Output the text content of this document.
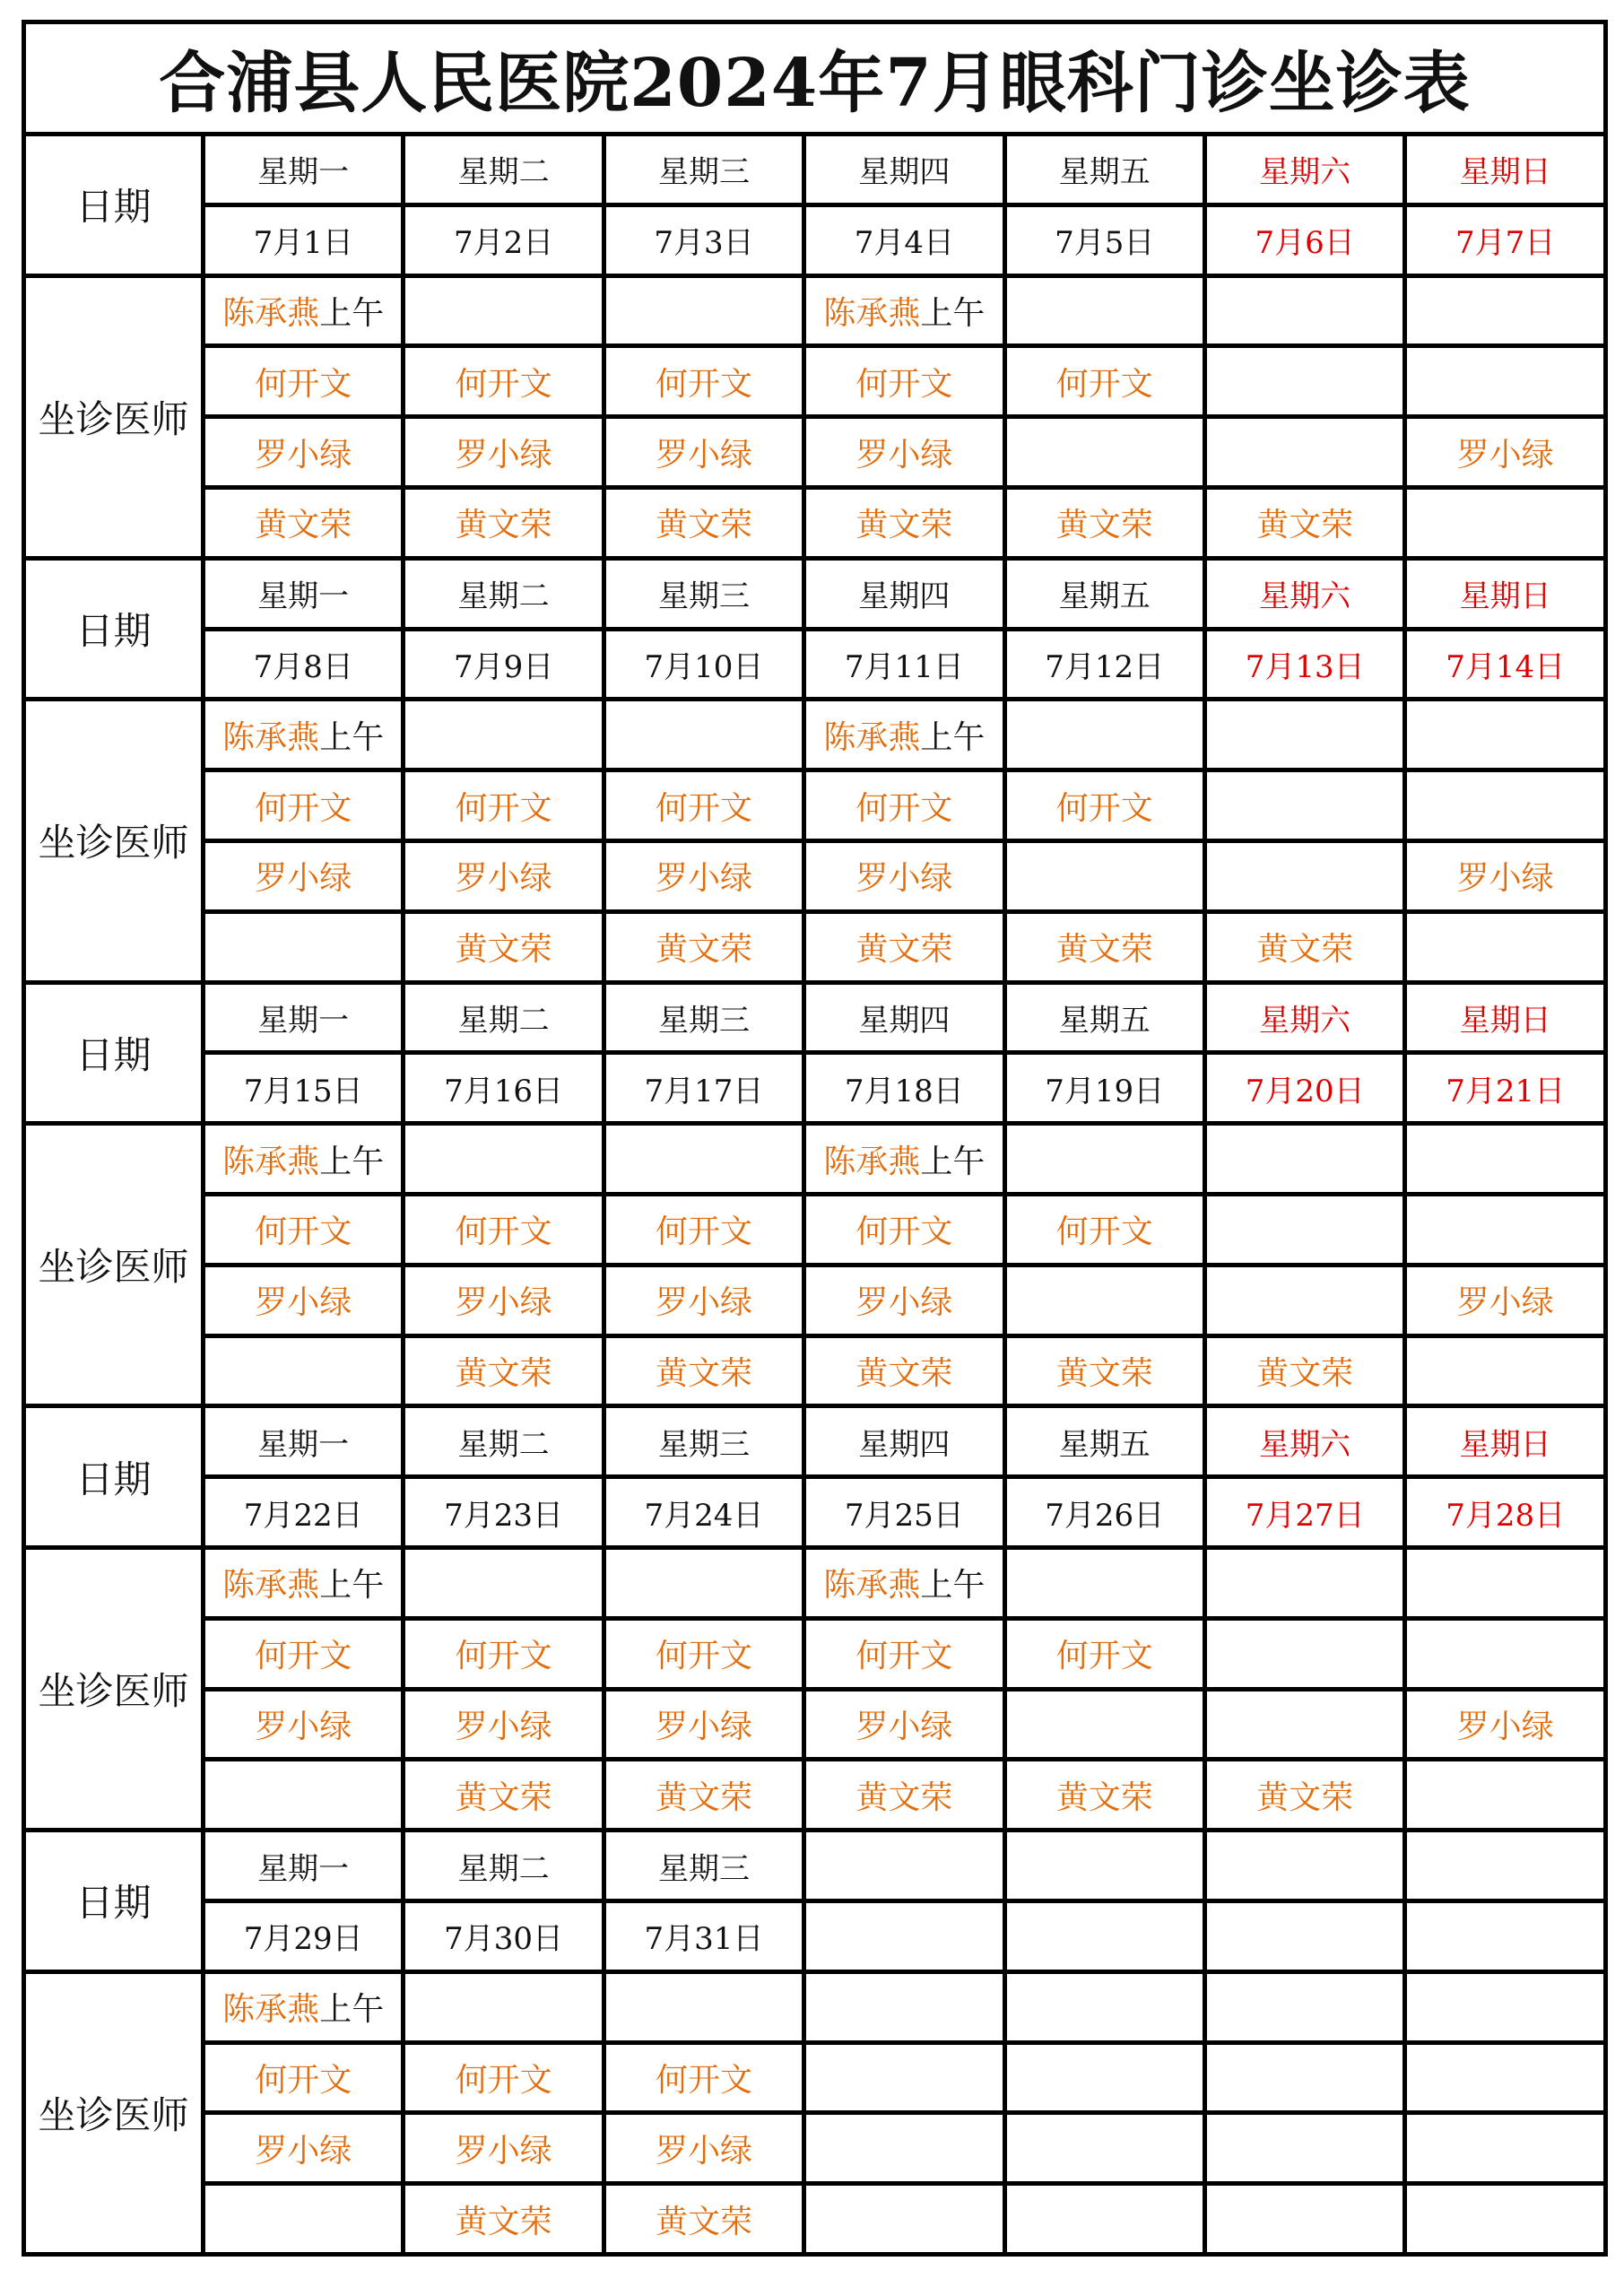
合浦县人民医院2024年7月眼科门诊坐诊表							
日期	星期一	星期二	星期三	星期四	星期五	星期六	星期日
	7月1日	7月2日	7月3日	7月4日	7月5日	7月6日	7月7日
坐诊医师	陈承燕上午			陈承燕上午			
	何开文	何开文	何开文	何开文	何开文		
	罗小绿	罗小绿	罗小绿	罗小绿			罗小绿
	黄文荣	黄文荣	黄文荣	黄文荣	黄文荣	黄文荣	
日期	星期一	星期二	星期三	星期四	星期五	星期六	星期日
	7月8日	7月9日	7月10日	7月11日	7月12日	7月13日	7月14日
坐诊医师	陈承燕上午			陈承燕上午			
	何开文	何开文	何开文	何开文	何开文		
	罗小绿	罗小绿	罗小绿	罗小绿			罗小绿
		黄文荣	黄文荣	黄文荣	黄文荣	黄文荣	
日期	星期一	星期二	星期三	星期四	星期五	星期六	星期日
	7月15日	7月16日	7月17日	7月18日	7月19日	7月20日	7月21日
坐诊医师	陈承燕上午			陈承燕上午			
	何开文	何开文	何开文	何开文	何开文		
	罗小绿	罗小绿	罗小绿	罗小绿			罗小绿
		黄文荣	黄文荣	黄文荣	黄文荣	黄文荣	
日期	星期一	星期二	星期三	星期四	星期五	星期六	星期日
	7月22日	7月23日	7月24日	7月25日	7月26日	7月27日	7月28日
坐诊医师	陈承燕上午			陈承燕上午			
	何开文	何开文	何开文	何开文	何开文		
	罗小绿	罗小绿	罗小绿	罗小绿			罗小绿
		黄文荣	黄文荣	黄文荣	黄文荣	黄文荣	
日期	星期一	星期二	星期三				
	7月29日	7月30日	7月31日				
坐诊医师	陈承燕上午						
	何开文	何开文	何开文				
	罗小绿	罗小绿	罗小绿				
		黄文荣	黄文荣				
